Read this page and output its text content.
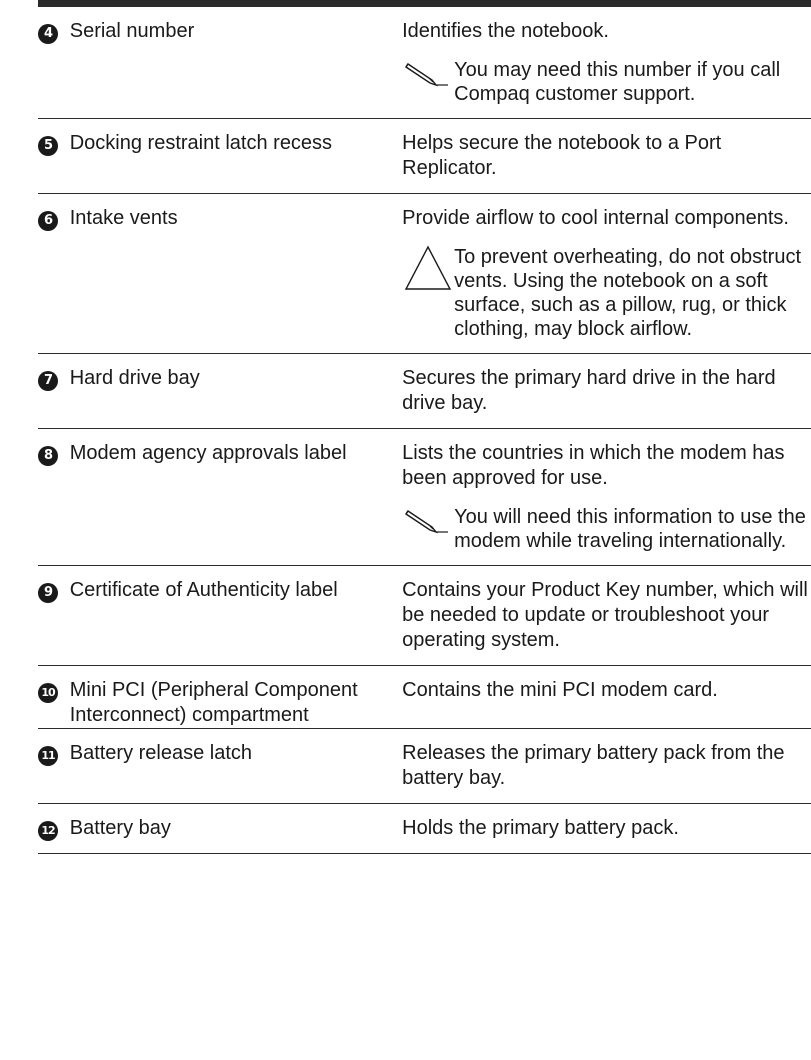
4	Serial number	Identifies the notebook.
You may need this number if you call Compaq customer support.

5	Docking restraint latch recess	Helps secure the notebook to a Port Replicator.
6	Intake vents	Provide airflow to cool internal components.
To prevent overheating, do not obstruct vents. Using the notebook on a soft surface, such as a pillow, rug, or thick clothing, may block airflow.

7	Hard drive bay	Secures the primary hard drive in the hard drive bay.
8	Modem agency approvals label	Lists the countries in which the modem has been approved for use.
You will need this information to use the modem while traveling internationally.

9	Certificate of Authenticity label	Contains your Product Key number, which will be needed to update or troubleshoot your operating system.
10	Mini PCI (Peripheral Component Interconnect) compartment	Contains the mini PCI modem card.
11	Battery release latch	Releases the primary battery pack from the battery bay.
12	Battery bay	Holds the primary battery pack.
